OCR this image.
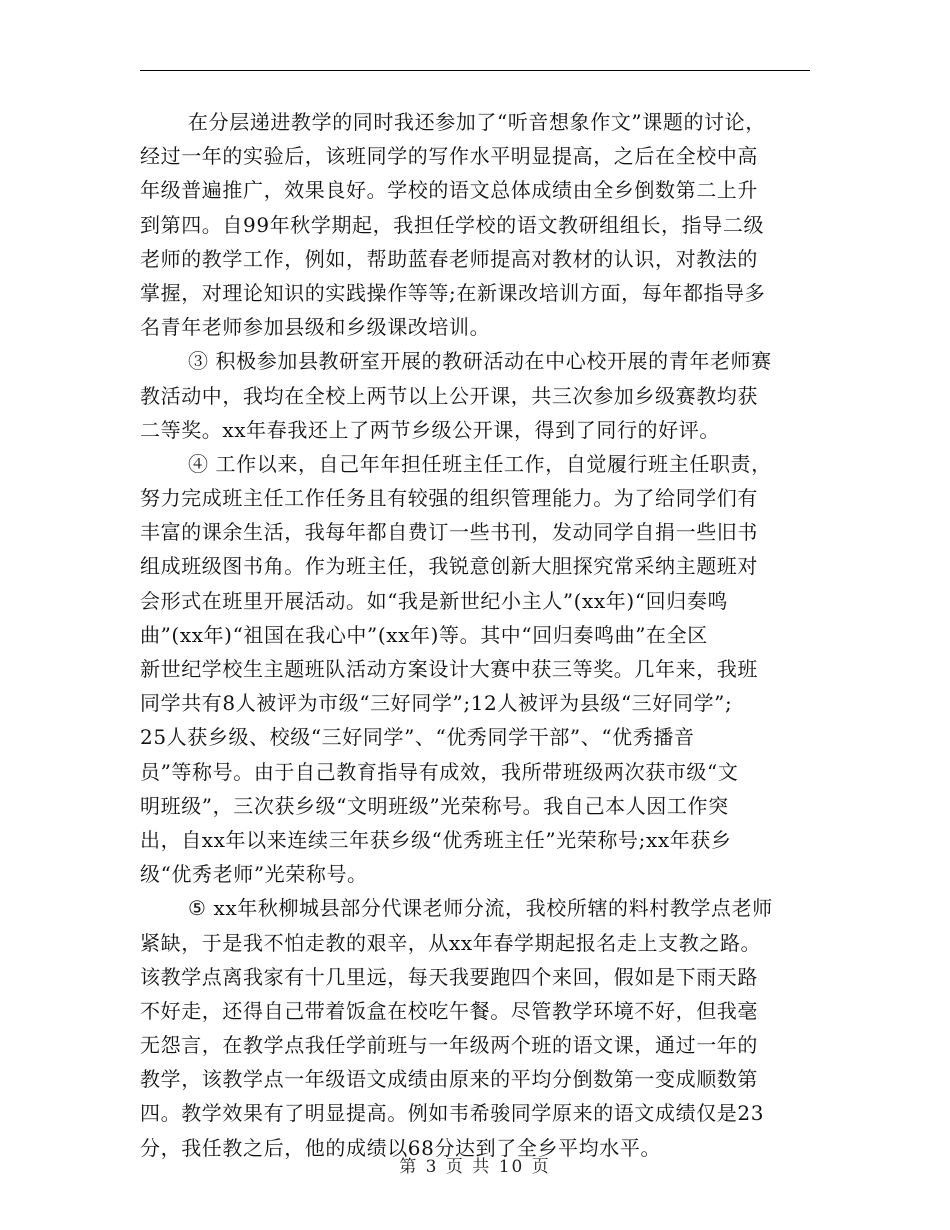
在分层递进教学的同时我还参加了“听音想象作文”课题的讨论，
经过一年的实验后，该班同学的写作水平明显提高，之后在全校中高
年级普遍推广，效果良好。学校的语文总体成绩由全乡倒数第二上升
到第四。自99年秋学期起，我担任学校的语文教研组组长，指导二级
老师的教学工作，例如，帮助蓝春老师提高对教材的认识，对教法的
掌握，对理论知识的实践操作等等;在新课改培训方面，每年都指导多
名青年老师参加县级和乡级课改培训。
③ 积极参加县教研室开展的教研活动在中心校开展的青年老师赛
教活动中，我均在全校上两节以上公开课，共三次参加乡级赛教均获
二等奖。xx年春我还上了两节乡级公开课，得到了同行的好评。
④ 工作以来，自己年年担任班主任工作，自觉履行班主任职责，
努力完成班主任工作任务且有较强的组织管理能力。为了给同学们有
丰富的课余生活，我每年都自费订一些书刊，发动同学自捐一些旧书
组成班级图书角。作为班主任，我锐意创新大胆探究常采纳主题班对
会形式在班里开展活动。如“我是新世纪小主人”(xx年)“回归奏鸣
曲”(xx年)“祖国在我心中”(xx年)等。其中“回归奏鸣曲”在全区
新世纪学校生主题班队活动方案设计大赛中获三等奖。几年来，我班
同学共有8人被评为市级“三好同学”;12人被评为县级“三好同学”;
25人获乡级、校级“三好同学”、“优秀同学干部”、“优秀播音
员”等称号。由于自己教育指导有成效，我所带班级两次获市级“文
明班级”，三次获乡级“文明班级”光荣称号。我自己本人因工作突
出，自xx年以来连续三年获乡级“优秀班主任”光荣称号;xx年获乡
级“优秀老师”光荣称号。
⑤ xx年秋柳城县部分代课老师分流，我校所辖的料村教学点老师
紧缺，于是我不怕走教的艰辛，从xx年春学期起报名走上支教之路。
该教学点离我家有十几里远，每天我要跑四个来回，假如是下雨天路
不好走，还得自己带着饭盒在校吃午餐。尽管教学环境不好，但我毫
无怨言，在教学点我任学前班与一年级两个班的语文课，通过一年的
教学，该教学点一年级语文成绩由原来的平均分倒数第一变成顺数第
四。教学效果有了明显提高。例如韦希骏同学原来的语文成绩仅是23
分，我任教之后，他的成绩以68分达到了全乡平均水平。
第 3 页 共 10 页
